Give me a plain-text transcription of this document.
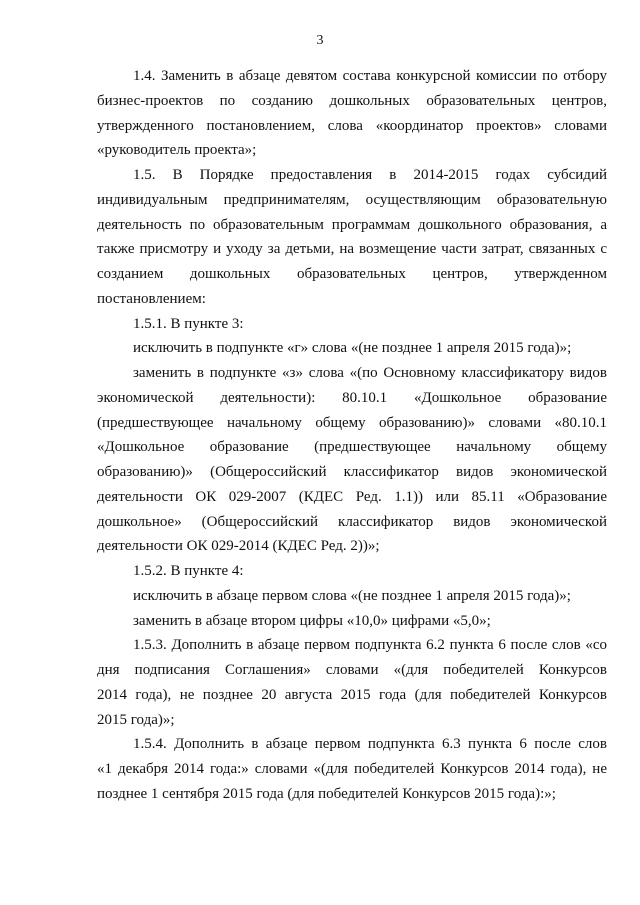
3
1.4. Заменить в абзаце девятом состава конкурсной комиссии по отбору
бизнес-проектов по созданию дошкольных образовательных центров,
утвержденного постановлением, слова «координатор проектов» словами
«руководитель проекта»;
1.5. В Порядке предоставления в 2014-2015 годах субсидий
индивидуальным предпринимателям, осуществляющим образовательную
деятельность по образовательным программам дошкольного образования, а
также присмотру и уходу за детьми, на возмещение части затрат, связанных с
созданием дошкольных образовательных центров, утвержденном
постановлением:
1.5.1. В пункте 3:
исключить в подпункте «г» слова «(не позднее 1 апреля 2015 года)»;
заменить в подпункте «з» слова «(по Основному классификатору видов
экономической деятельности): 80.10.1 «Дошкольное образование
(предшествующее начальному общему образованию)» словами «80.10.1
«Дошкольное образование (предшествующее начальному общему
образованию)» (Общероссийский классификатор видов экономической
деятельности ОК 029-2007 (КДЕС Ред. 1.1)) или 85.11 «Образование
дошкольное» (Общероссийский классификатор видов экономической
деятельности ОК 029-2014 (КДЕС Ред. 2))»;
1.5.2. В пункте 4:
исключить в абзаце первом слова «(не позднее 1 апреля 2015 года)»;
заменить в абзаце втором цифры «10,0» цифрами «5,0»;
1.5.3. Дополнить в абзаце первом подпункта 6.2 пункта 6 после слов «со
дня подписания Соглашения» словами «(для победителей Конкурсов
2014 года), не позднее 20 августа 2015 года (для победителей Конкурсов
2015 года)»;
1.5.4. Дополнить в абзаце первом подпункта 6.3 пункта 6 после слов
«1 декабря 2014 года:» словами «(для победителей Конкурсов 2014 года), не
позднее 1 сентября 2015 года (для победителей Конкурсов 2015 года):»;
